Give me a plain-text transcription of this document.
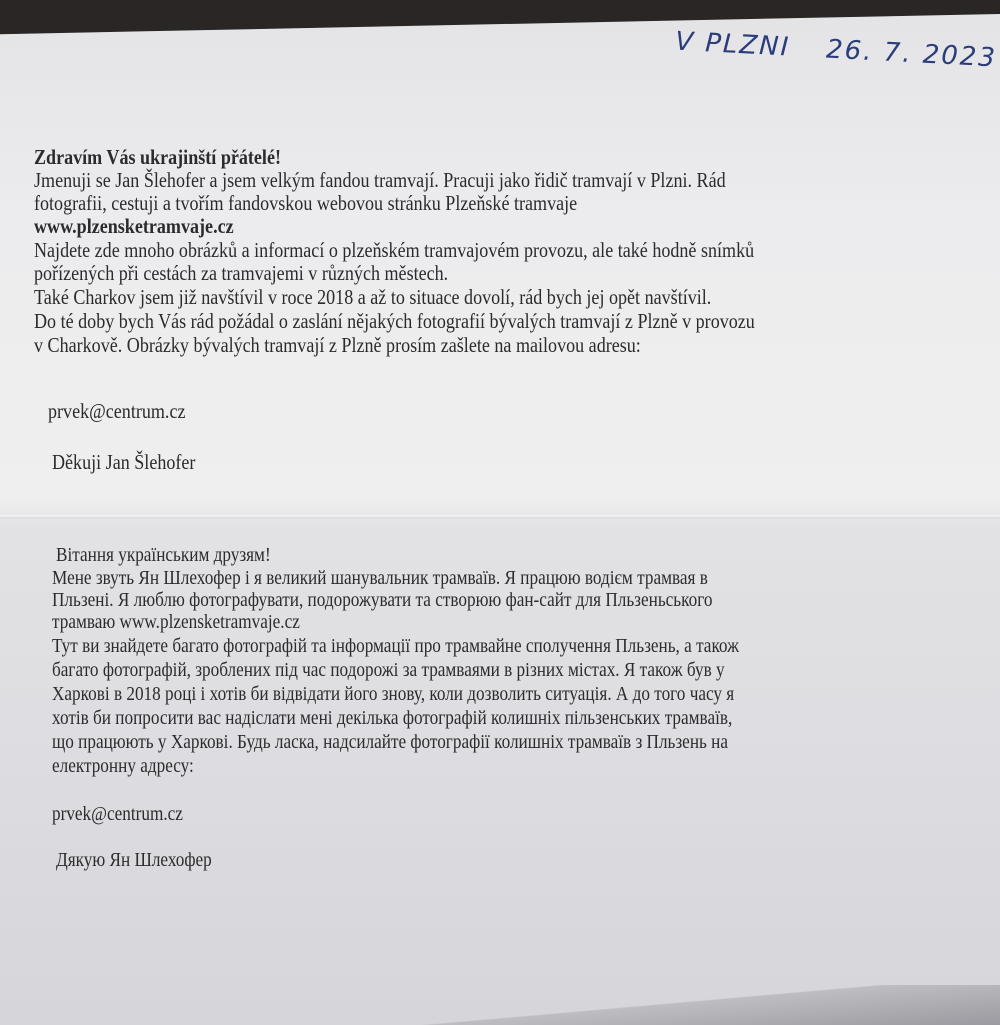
V PLZNI 26. 7. 2023
Zdravím Vás ukrajinští přátelé!
Jmenuji se Jan Šlehofer a jsem velkým fandou tramvají. Pracuji jako řidič tramvají v Plzni. Rád
fotografii, cestuji a tvořím fandovskou webovou stránku Plzeňské tramvaje
www.plzensketramvaje.cz
Najdete zde mnoho obrázků a informací o plzeňském tramvajovém provozu, ale také hodně snímků
pořízených při cestách za tramvajemi v různých městech.
Také Charkov jsem již navštívil v roce 2018 a až to situace dovolí, rád bych jej opět navštívil.
Do té doby bych Vás rád požádal o zaslání nějakých fotografií bývalých tramvají z Plzně v provozu
v Charkově. Obrázky bývalých tramvají z Plzně prosím zašlete na mailovou adresu:
prvek@centrum.cz
Děkuji Jan Šlehofer
Вітання українським друзям!
Мене звуть Ян Шлехофер і я великий шанувальник трамваїв. Я працюю водієм трамвая в
Пльзені. Я люблю фотографувати, подорожувати та створюю фан-сайт для Пльзеньського
трамваю www.plzensketramvaje.cz
Тут ви знайдете багато фотографій та інформації про трамвайне сполучення Пльзень, а також
багато фотографій, зроблених під час подорожі за трамваями в різних містах. Я також був у
Харкові в 2018 році і хотів би відвідати його знову, коли дозволить ситуація. А до того часу я
хотів би попросити вас надіслати мені декілька фотографій колишніх пільзенських трамваїв,
що працюють у Харкові. Будь ласка, надсилайте фотографії колишніх трамваїв з Пльзень на
електронну адресу:
prvek@centrum.cz
Дякую Ян Шлехофер
